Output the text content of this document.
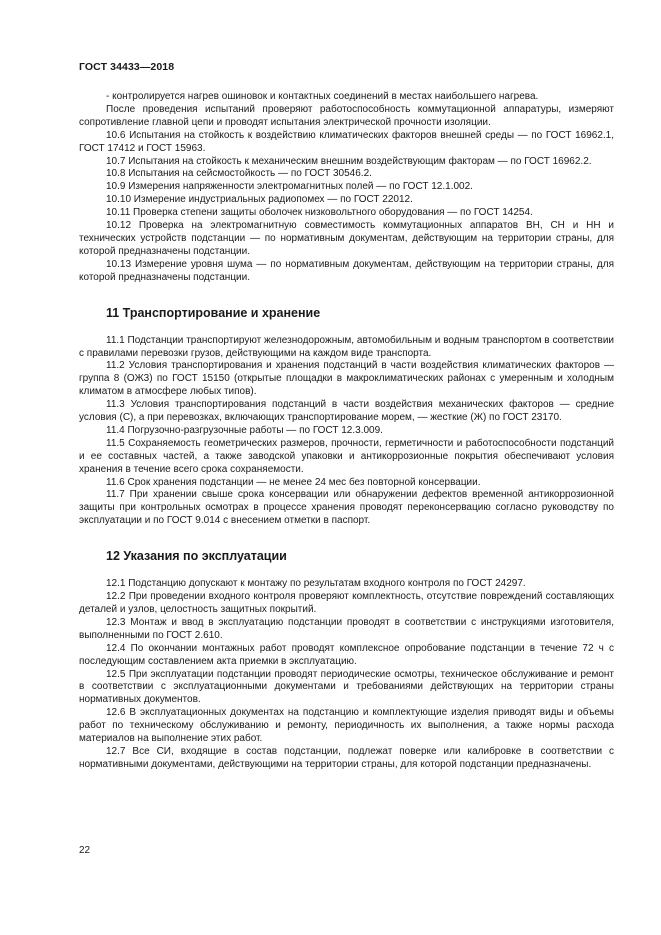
ГОСТ 34433—2018

- контролируется нагрев ошиновок и контактных соединений в местах наибольшего нагрева.

После проведения испытаний проверяют работоспособность коммутационной аппаратуры, измеряют сопротивление главной цепи и проводят испытания электрической прочности изоляции.

10.6 Испытания на стойкость к воздействию климатических факторов внешней среды — по ГОСТ 16962.1, ГОСТ 17412 и ГОСТ 15963.

10.7 Испытания на стойкость к механическим внешним воздействующим факторам — по ГОСТ 16962.2.

10.8 Испытания на сейсмостойкость — по ГОСТ 30546.2.

10.9 Измерения напряженности электромагнитных полей — по ГОСТ 12.1.002.

10.10 Измерение индустриальных радиопомех — по ГОСТ 22012.

10.11 Проверка степени защиты оболочек низковольтного оборудования — по ГОСТ 14254.

10.12 Проверка на электромагнитную совместимость коммутационных аппаратов ВН, СН и НН и технических устройств подстанции — по нормативным документам, действующим на территории страны, для которой предназначены подстанции.

10.13 Измерение уровня шума — по нормативным документам, действующим на территории страны, для которой предназначены подстанции.

11 Транспортирование и хранение

11.1 Подстанции транспортируют железнодорожным, автомобильным и водным транспортом в соответствии с правилами перевозки грузов, действующими на каждом виде транспорта.

11.2 Условия транспортирования и хранения подстанций в части воздействия климатических факторов — группа 8 (ОЖ3) по ГОСТ 15150 (открытые площадки в макроклиматических районах с умеренным и холодным климатом в атмосфере любых типов).

11.3 Условия транспортирования подстанций в части воздействия механических факторов — средние условия (С), а при перевозках, включающих транспортирование морем, — жесткие (Ж) по ГОСТ 23170.

11.4 Погрузочно-разгрузочные работы — по ГОСТ 12.3.009.

11.5 Сохраняемость геометрических размеров, прочности, герметичности и работоспособности подстанций и ее составных частей, а также заводской упаковки и антикоррозионные покрытия обеспечивают условия хранения в течение всего срока сохраняемости.

11.6 Срок хранения подстанции — не менее 24 мес без повторной консервации.

11.7 При хранении свыше срока консервации или обнаружении дефектов временной антикоррозионной защиты при контрольных осмотрах в процессе хранения проводят переконсервацию согласно руководству по эксплуатации и по ГОСТ 9.014 с внесением отметки в паспорт.

12 Указания по эксплуатации

12.1 Подстанцию допускают к монтажу по результатам входного контроля по ГОСТ 24297.

12.2 При проведении входного контроля проверяют комплектность, отсутствие повреждений составляющих деталей и узлов, целостность защитных покрытий.

12.3 Монтаж и ввод в эксплуатацию подстанции проводят в соответствии с инструкциями изготовителя, выполненными по ГОСТ 2.610.

12.4 По окончании монтажных работ проводят комплексное опробование подстанции в течение 72 ч с последующим составлением акта приемки в эксплуатацию.

12.5 При эксплуатации подстанции проводят периодические осмотры, техническое обслуживание и ремонт в соответствии с эксплуатационными документами и требованиями действующих на территории страны нормативных документов.

12.6 В эксплуатационных документах на подстанцию и комплектующие изделия приводят виды и объемы работ по техническому обслуживанию и ремонту, периодичность их выполнения, а также нормы расхода материалов на выполнение этих работ.

12.7 Все СИ, входящие в состав подстанции, подлежат поверке или калибровке в соответствии с нормативными документами, действующими на территории страны, для которой подстанции предназначены.

22
